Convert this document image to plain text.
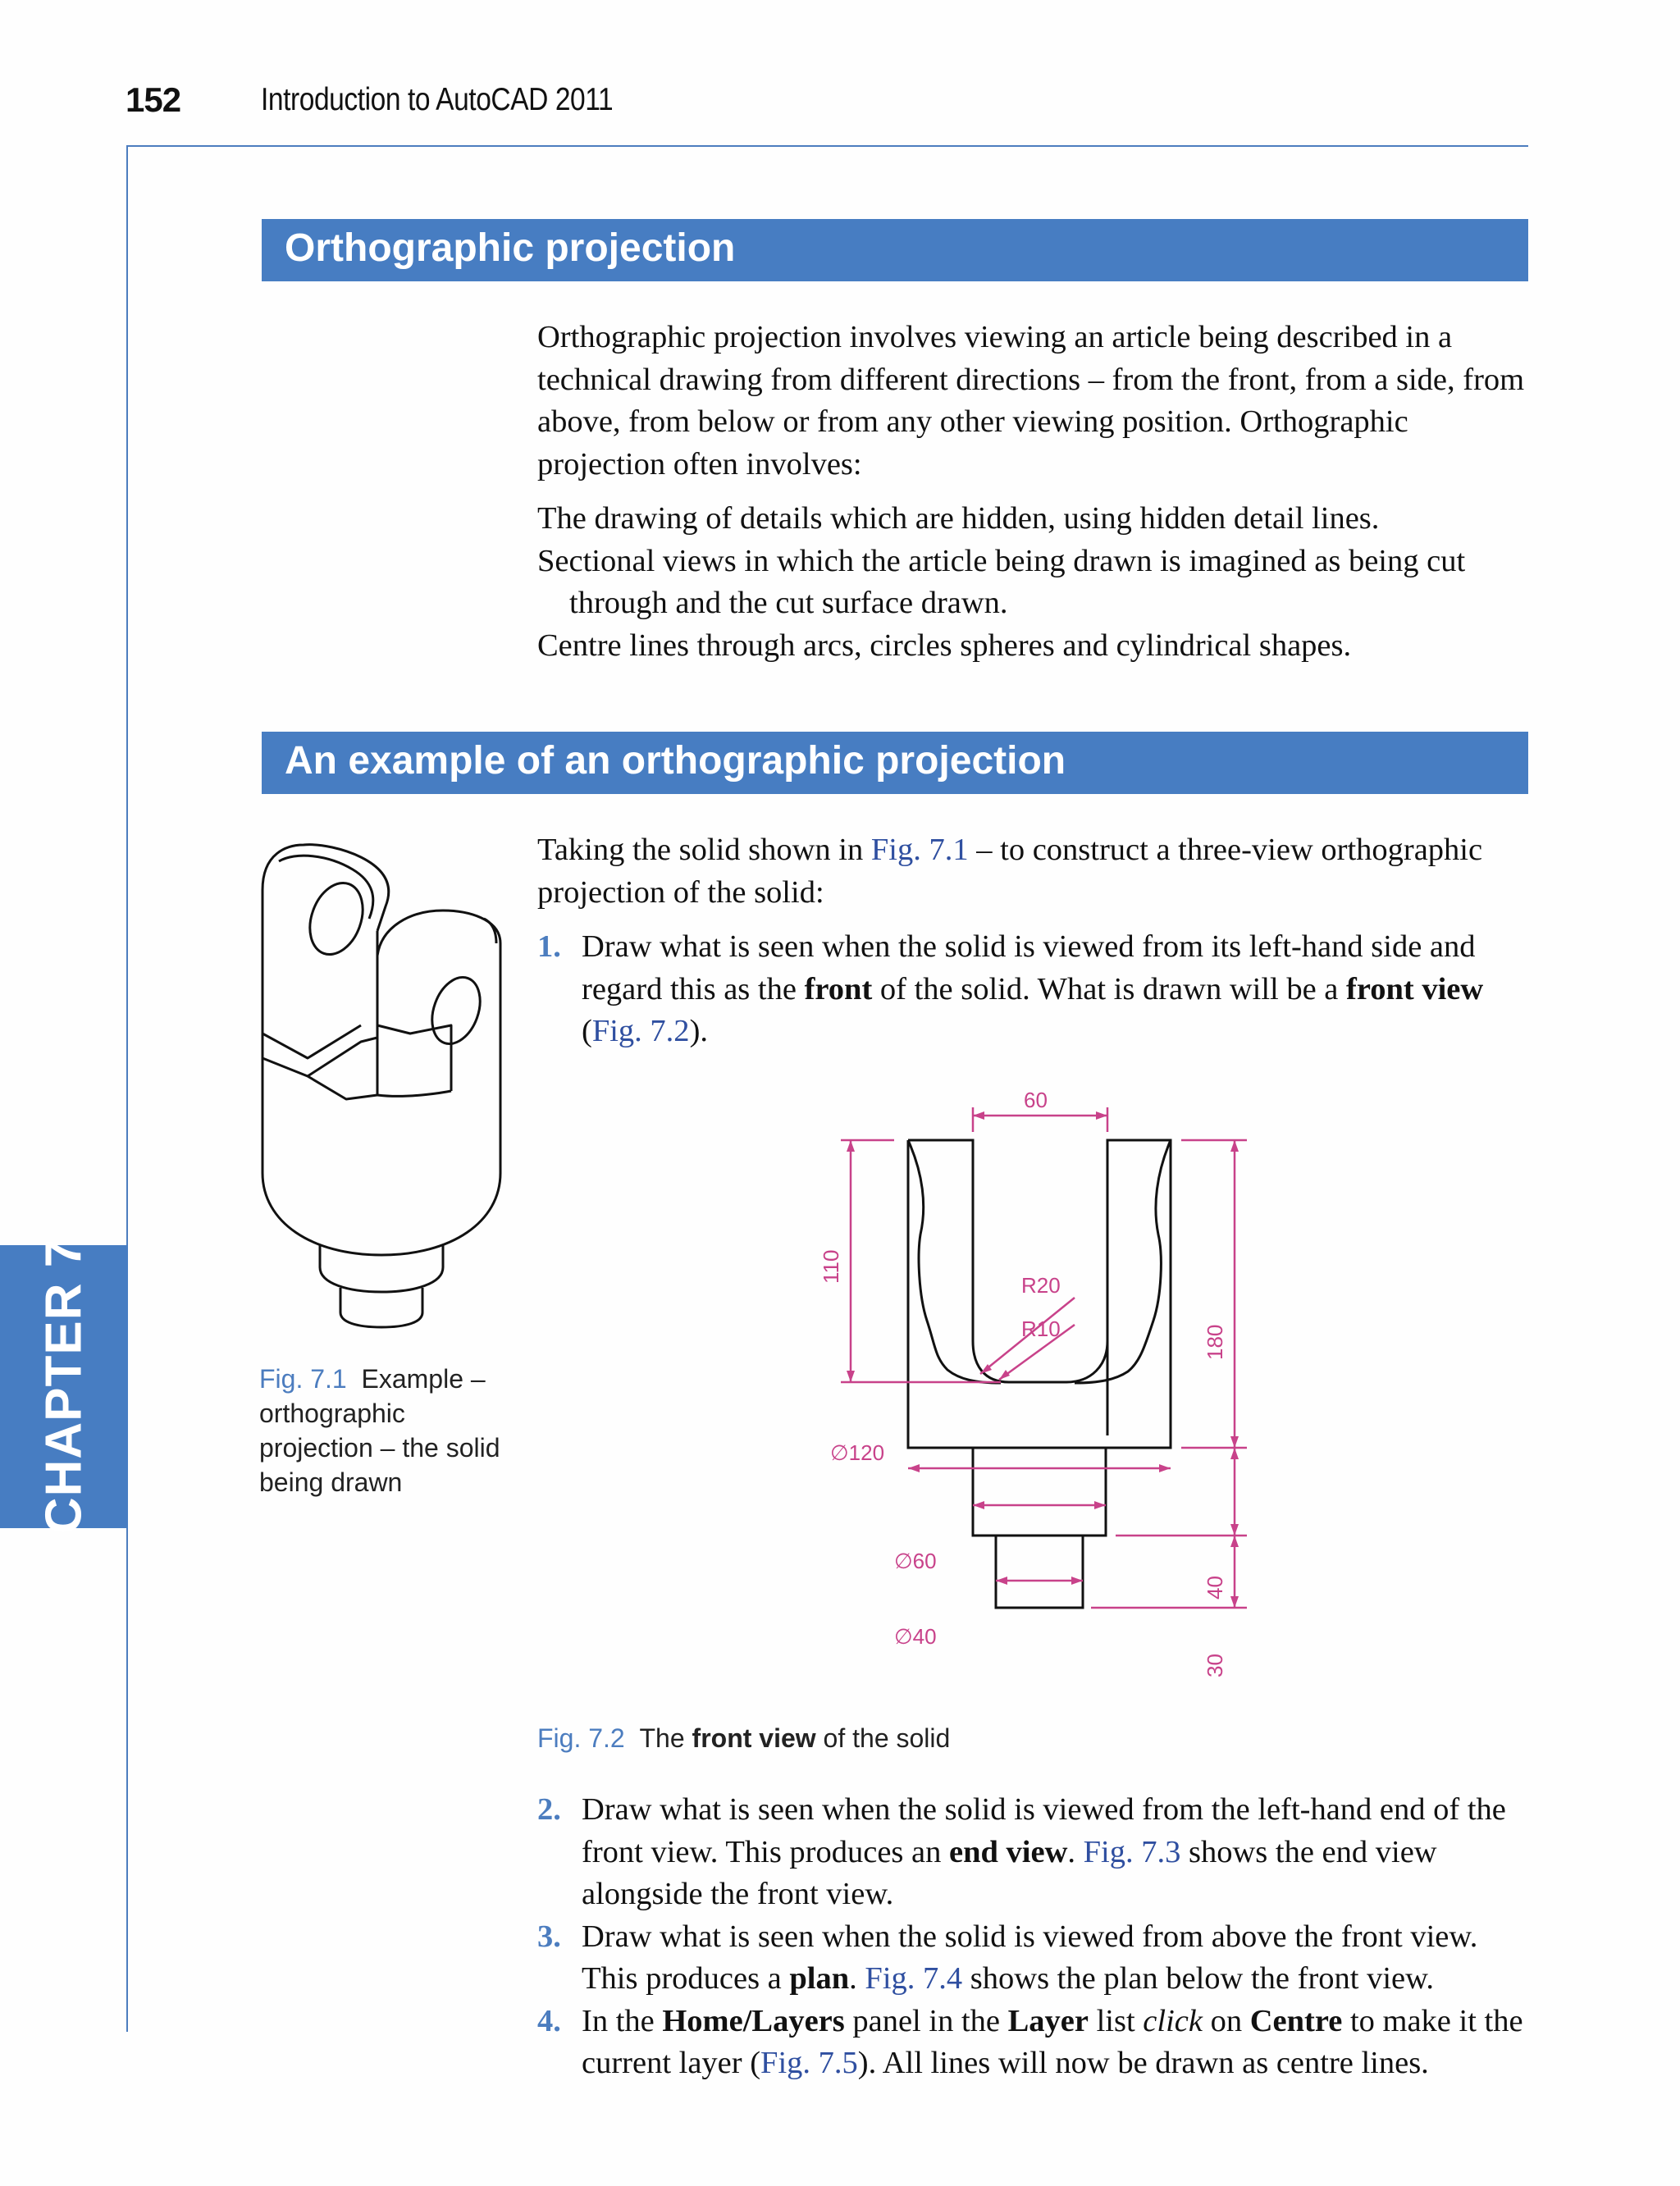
152	Introduction to AutoCAD 2011
CHAPTER 7
Orthographic projection

Orthographic projection involves viewing an article being described in a technical drawing from different directions – from the front, from a side, from above, from below or from any other viewing position. Orthographic projection often involves:

The drawing of details which are hidden, using hidden detail lines.

Sectional views in which the article being drawn is imagined as being cut through and the cut surface drawn.

Centre lines through arcs, circles spheres and cylindrical shapes.

An example of an orthographic projection

Taking the solid shown in Fig. 7.1 – to construct a three-view orthographic projection of the solid:

1. Draw what is seen when the solid is viewed from its left-hand side and regard this as the front of the solid. What is drawn will be a front view (Fig. 7.2).
2. Draw what is seen when the solid is viewed from the left-hand end of the front view. This produces an end view. Fig. 7.3 shows the end view alongside the front view.
3. Draw what is seen when the solid is viewed from above the front view. This produces a plan. Fig. 7.4 shows the plan below the front view.
4. In the Home/Layers panel in the Layer list click on Centre to make it the current layer (Fig. 7.5). All lines will now be drawn as centre lines.
Fig. 7.1 Example – orthographic projection – the solid being drawn
60
110
R20
R10	180
∅120
∅60
∅40
40
30
Fig. 7.2 The front view of the solid
